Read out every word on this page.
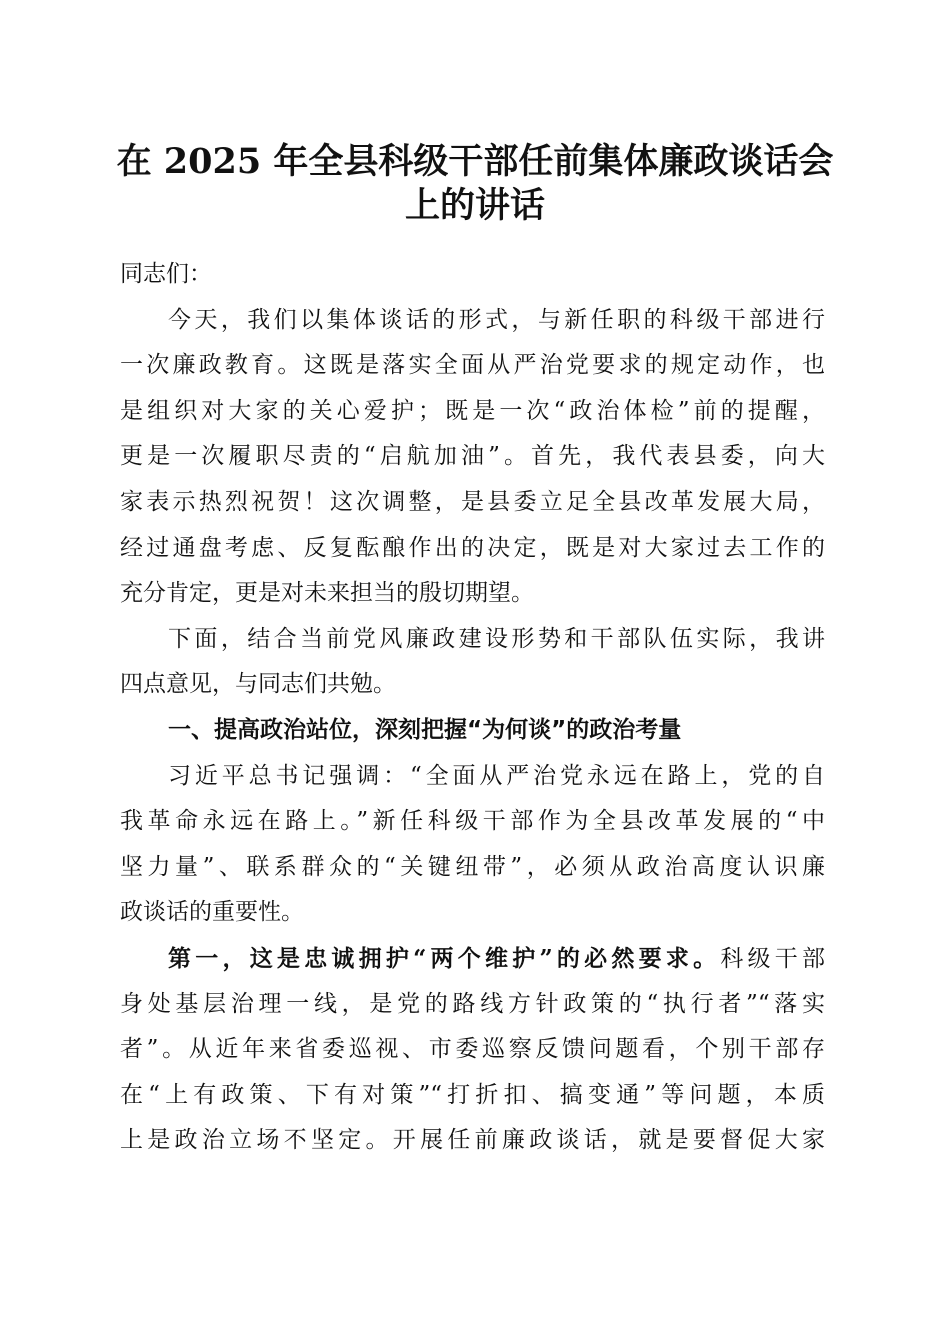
在 2025 年全县科级干部任前集体廉政谈话会
上的讲话
同志们：
今天，我们以集体谈话的形式，与新任职的科级干部进行
一次廉政教育。这既是落实全面从严治党要求的规定动作，也
是组织对大家的关心爱护；既是一次“政治体检”前的提醒，
更是一次履职尽责的“启航加油”。首先，我代表县委，向大
家表示热烈祝贺！这次调整，是县委立足全县改革发展大局，
经过通盘考虑、反复酝酿作出的决定，既是对大家过去工作的
充分肯定，更是对未来担当的殷切期望。
下面，结合当前党风廉政建设形势和干部队伍实际，我讲
四点意见，与同志们共勉。
一、提高政治站位，深刻把握“为何谈”的政治考量
习近平总书记强调：“全面从严治党永远在路上，党的自
我革命永远在路上。”新任科级干部作为全县改革发展的“中
坚力量”、联系群众的“关键纽带”，必须从政治高度认识廉
政谈话的重要性。
第一，这是忠诚拥护“两个维护”的必然要求。科级干部
身处基层治理一线，是党的路线方针政策的“执行者”“落实
者”。从近年来省委巡视、市委巡察反馈问题看，个别干部存
在“上有政策、下有对策”“打折扣、搞变通”等问题，本质
上是政治立场不坚定。开展任前廉政谈话，就是要督促大家
